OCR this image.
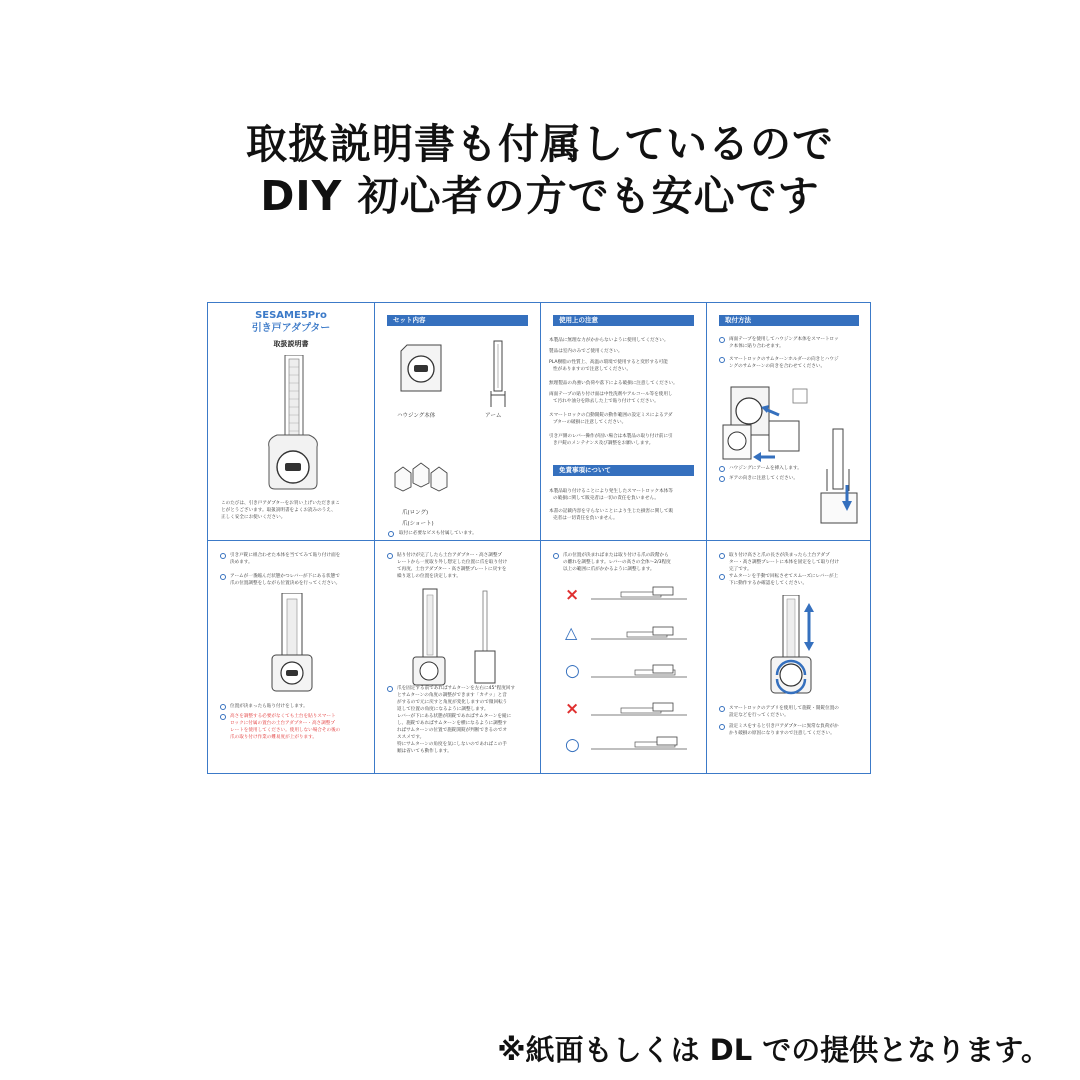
取扱説明書も付属しているので
DIY 初心者の方でも安心です
SESAME5Pro
引き戸アダプター
取扱説明書
このたびは、引き戸アダプターをお買い上げいただきまこ
とがとうございます。取扱説明書をよくお読みのうえ、
正しく安全にお使いください。
セット内容
ハウジング本体	アーム
爪(ロング)
爪(ショート)
取付に必要なビスも付属しています。
使用上の注意
本製品に無理な力がかからないように使用してください。
製品は室内のみでご使用ください。
PLA樹脂の性質上、高温の環境で使用すると変形する可能
性がありますので注意してください。
無理製品の為強い負荷や落下による破損に注意してください。
両面テープの貼り付け面は中性洗剤やアルコール等を使用し
て汚れや油分を除去した上で貼り付けてください。
スマートロックの自動開錠の動作範囲の設定ミスによるアダ
プターの破損に注意してください。
引き戸側のレバー操作が固い場合は本製品の取り付け前に引
き戸錠のメンテナンス及び調整をお願いします。
免責事項について
本製品取り付けることにより発生したスマートロック本体等
の破損に関して販売者は一切の責任を負いません。
本書の記載内容を守らないことにより生じた損害に関して販
売者は一切責任を負いません。
取付方法
両面テープを使用してハウジング本体をスマートロッ
ク本体に貼り合わせます。
スマートロックのサムターンホルダーの向きとハウジ
ングのサムターンの向きを合わせてください。
ハウジングにアームを挿入します。
ギアの向きに注意してください。
引き戸錠に組合わせた本体を当ててみて貼り付け面を
決めます。
アームが一番縮んだ状態かつレバーが下にある状態で
爪の位置調整をしながら位置決めを行ってください。
位置が決まったら貼り付けをします。
高さを調整する必要がなくても土台を貼りスマート
ロックに付属の置台の土台アダプター・高さ調整プ
レートを使用してください。使用しない場合その後の
爪の取り付け作業の難易度が上がります。
貼り付けが完了したら土台アダプター・高さ調整プ
レートから一度取り外し想定した位置に爪を取り付け
て再度、土台アダプター・高さ調整プレートに戻すを
繰り返しの位置を決定します。
爪を固定する前であればサムターンを左右に45°程度回す
とサムターンの角度の調整ができます「カチッ」と音
がするので元に戻すと角度が変化しますので微回転う
返して位置の角度になるように調整します。
レバーが下にある状態が開錠であればサムターンを縦に
し、施錠であればサムターンを横になるように調整す
ればサムターンの位置で施錠開錠が判断できるのでオ
ススメです。
特にサムターンの角度を気にしないのであればこの手
順は省いても動作します。
爪の位置が決まればまたは取り付ける爪の段階から
の離れを調整します。レバーの高さの全体〜2/3程度
以上の範囲に爪がかかるように調整します。
×
△
○
×
○
取り付け高さと爪の長さが決まったら土台アダプ
ター・高さ調整プレートに本体を固定をして取り付け
完了です。
サムターンを手動で回転させてスムーズにレバーが上
下に動作するか確認をしてください。
スマートロックのアプリを使用して施錠・開錠位置の
設定などを行ってください。
設定ミスをすると引き戸アダプターに異常な負荷がか
かり破損の原因になりますので注意してください。
※紙面もしくは DL での提供となります。
